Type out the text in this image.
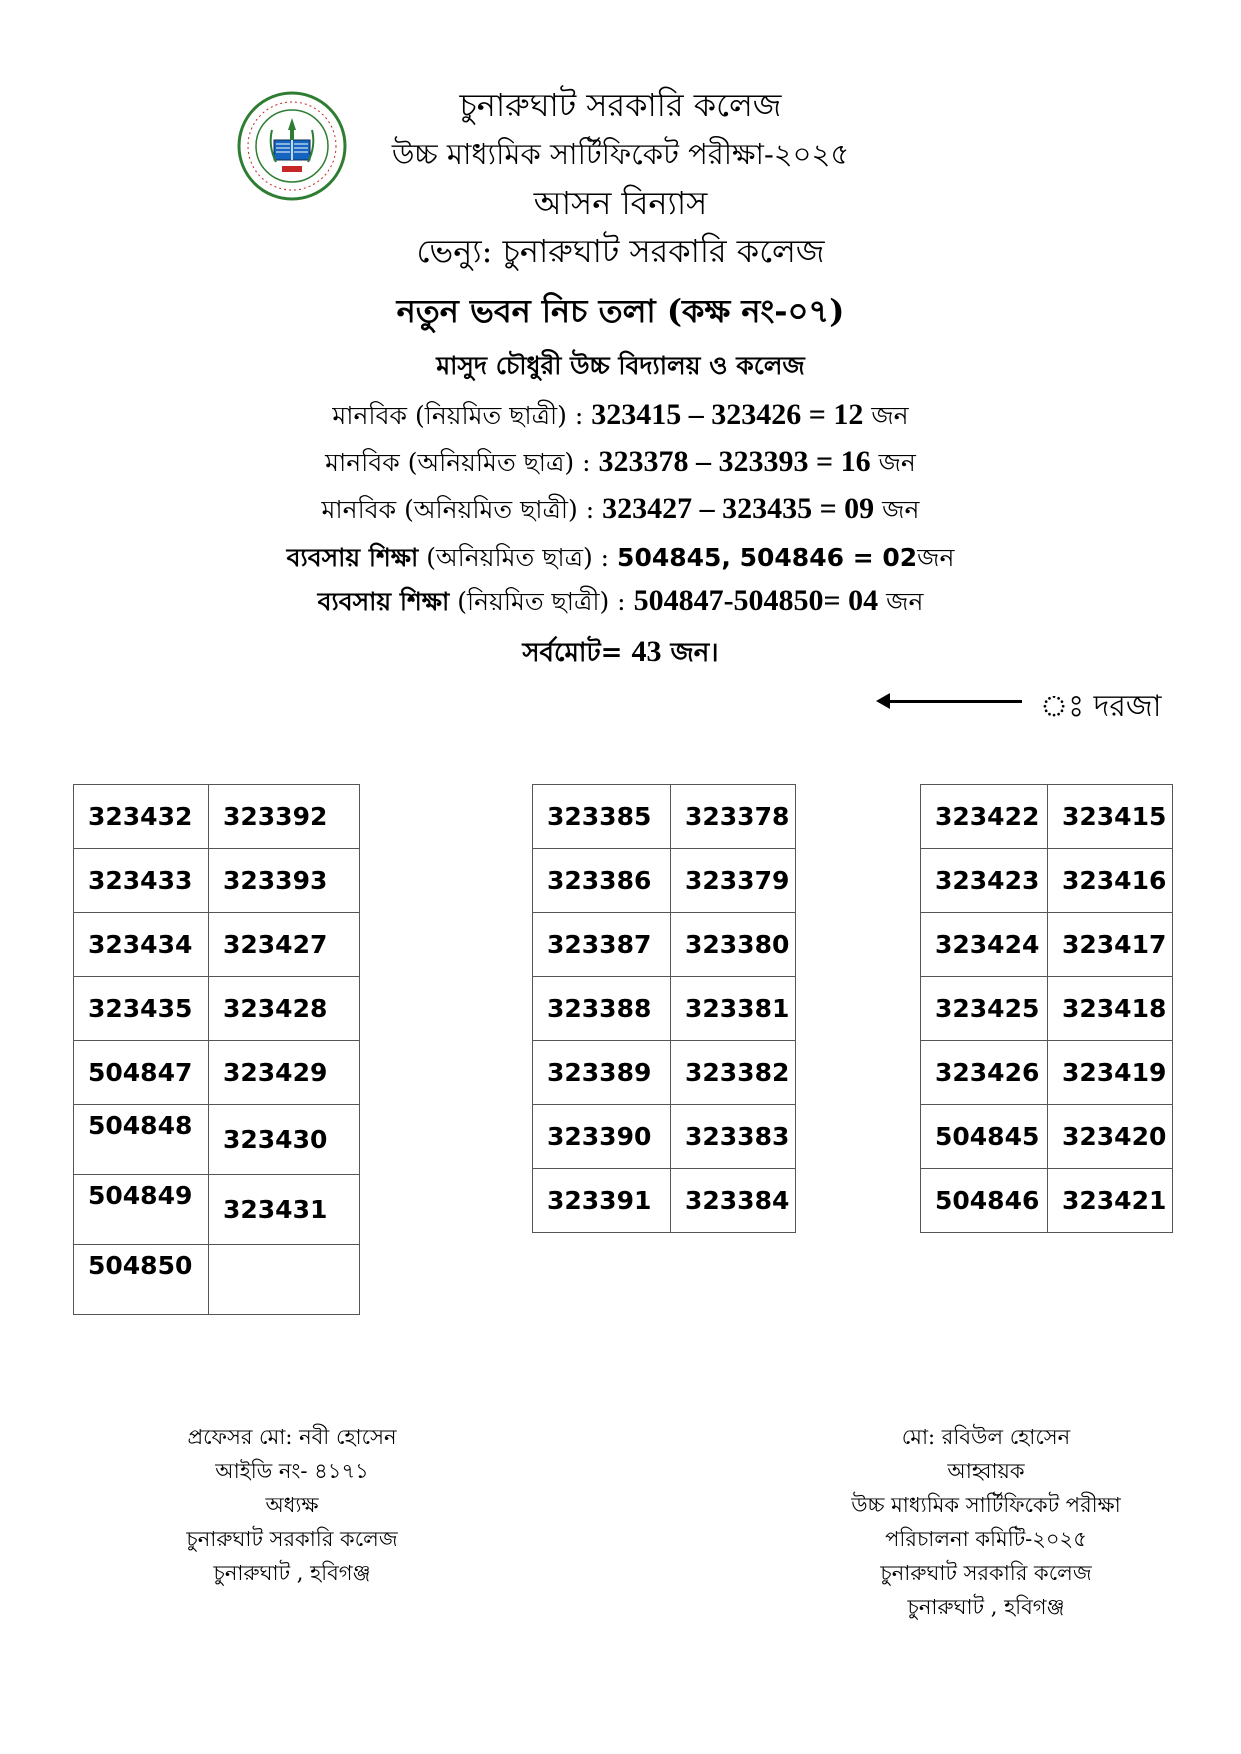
চুনারুঘাট সরকারি কলেজ
উচ্চ মাধ্যমিক সার্টিফিকেট পরীক্ষা-২০২৫
আসন বিন্যাস
ভেন্যু: চুনারুঘাট সরকারি কলেজ
নতুন ভবন নিচ তলা (কক্ষ নং-০৭)
মাসুদ চৌধুরী উচ্চ বিদ্যালয় ও কলেজ
মানবিক (নিয়মিত ছাত্রী) : 323415 – 323426 = 12 জন
মানবিক (অনিয়মিত ছাত্র) : 323378 – 323393 = 16 জন
মানবিক (অনিয়মিত ছাত্রী) : 323427 – 323435 = 09 জন
ব্যবসায় শিক্ষা (অনিয়মিত ছাত্র) : 504845, 504846 = 02জন
ব্যবসায় শিক্ষা (নিয়মিত ছাত্রী) : 504847-504850= 04 জন
সর্বমোট= 43 জন।
ঃ দরজা
323432	323392
323433	323393
323434	323427
323435	323428
504847	323429
504848	323430
504849	323431
504850	
323385	323378
323386	323379
323387	323380
323388	323381
323389	323382
323390	323383
323391	323384
323422	323415
323423	323416
323424	323417
323425	323418
323426	323419
504845	323420
504846	323421
প্রফেসর মো: নবী হোসেন
আইডি নং- ৪১৭১
অধ্যক্ষ
চুনারুঘাট সরকারি কলেজ
চুনারুঘাট , হবিগঞ্জ
মো: রবিউল হোসেন
আহ্বায়ক
উচ্চ মাধ্যমিক সার্টিফিকেট পরীক্ষা
পরিচালনা কমিটি-২০২৫
চুনারুঘাট সরকারি কলেজ
চুনারুঘাট , হবিগঞ্জ
